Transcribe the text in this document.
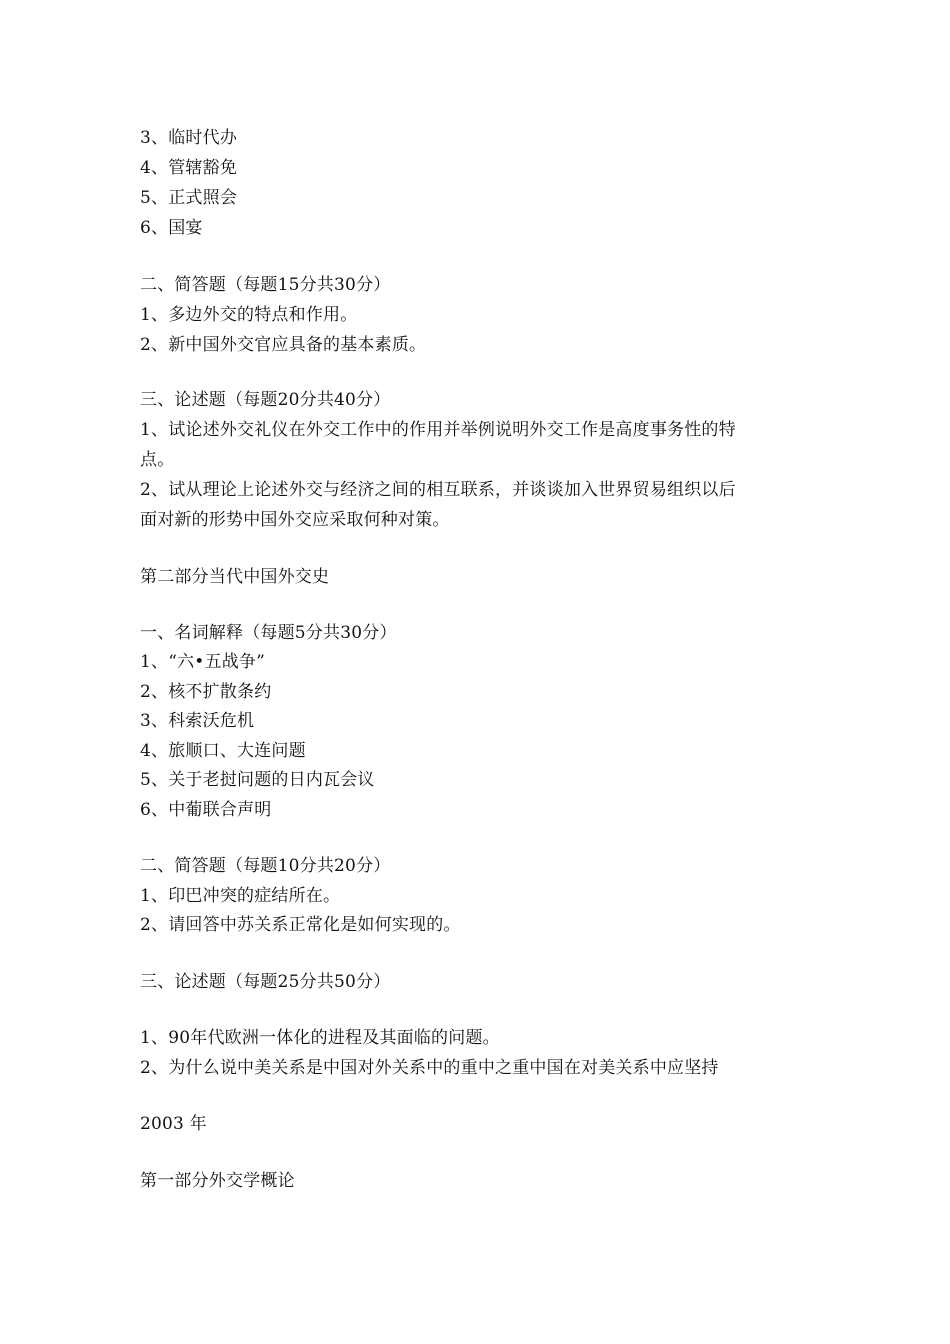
3、临时代办
4、管辖豁免
5、正式照会
6、国宴
二、简答题（每题15分共30分）
1、多边外交的特点和作用。
2、新中国外交官应具备的基本素质。
三、论述题（每题20分共40分）
1、试论述外交礼仪在外交工作中的作用并举例说明外交工作是高度事务性的特
点。
2、试从理论上论述外交与经济之间的相互联系，并谈谈加入世界贸易组织以后
面对新的形势中国外交应采取何种对策。
第二部分当代中国外交史
一、名词解释（每题5分共30分）
1、“六•五战争”
2、核不扩散条约
3、科索沃危机
4、旅顺口、大连问题
5、关于老挝问题的日内瓦会议
6、中葡联合声明
二、简答题（每题10分共20分）
1、印巴冲突的症结所在。
2、请回答中苏关系正常化是如何实现的。
三、论述题（每题25分共50分）
1、90年代欧洲一体化的进程及其面临的问题。
2、为什么说中美关系是中国对外关系中的重中之重中国在对美关系中应坚持
2003 年
第一部分外交学概论
